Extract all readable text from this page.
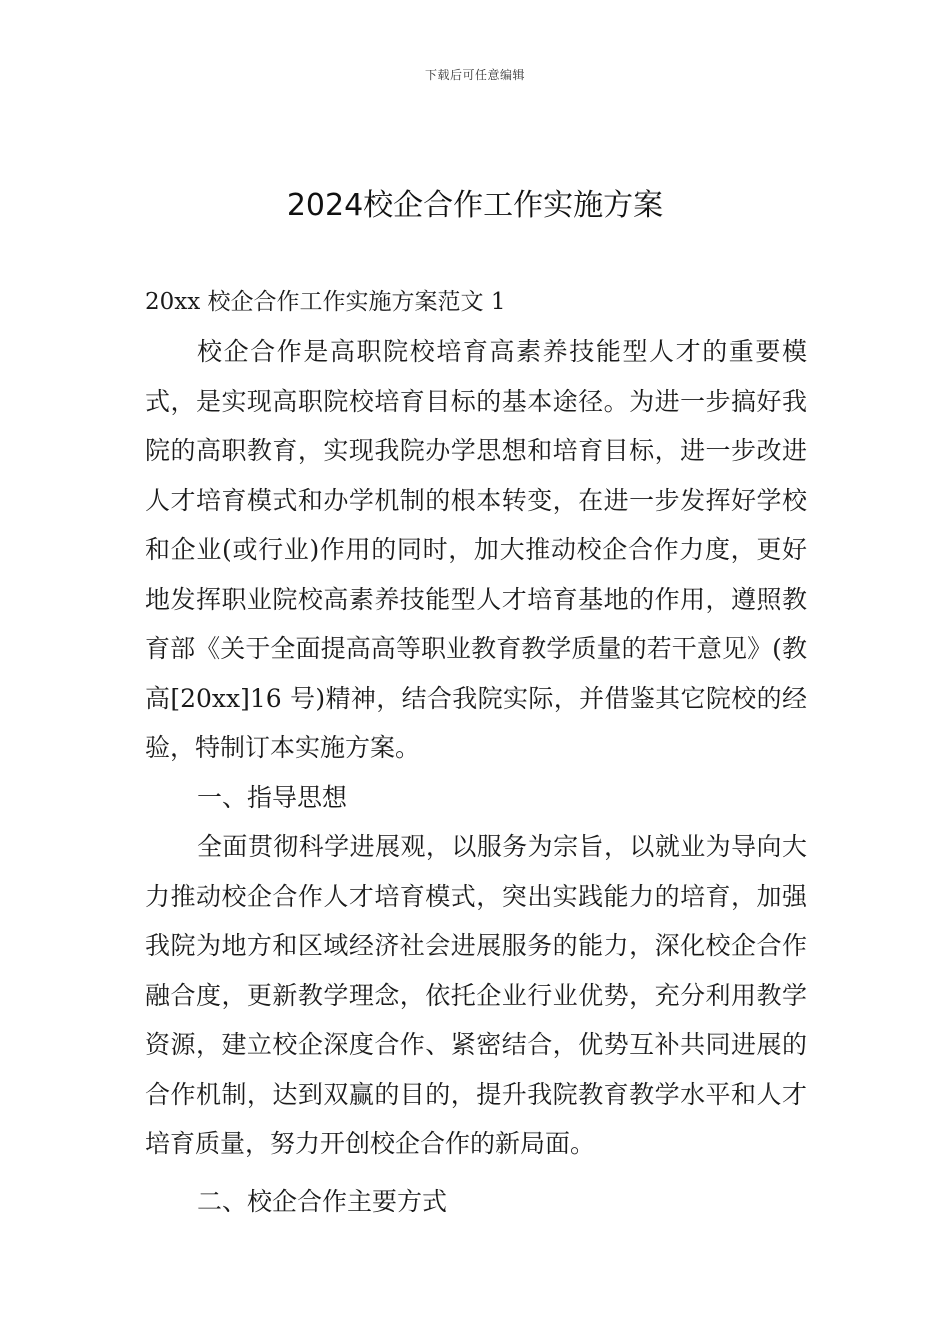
下载后可任意编辑
2024校企合作工作实施方案

20xx 校企合作工作实施方案范文 1

校企合作是高职院校培育高素养技能型人才的重要模式，是实现高职院校培育目标的基本途径。为进一步搞好我院的高职教育，实现我院办学思想和培育目标，进一步改进人才培育模式和办学机制的根本转变，在进一步发挥好学校和企业(或行业)作用的同时，加大推动校企合作力度，更好地发挥职业院校高素养技能型人才培育基地的作用，遵照教育部《关于全面提高高等职业教育教学质量的若干意见》(教高[20xx]16 号)精神，结合我院实际，并借鉴其它院校的经验，特制订本实施方案。

一、指导思想

全面贯彻科学进展观，以服务为宗旨，以就业为导向大力推动校企合作人才培育模式，突出实践能力的培育，加强我院为地方和区域经济社会进展服务的能力，深化校企合作融合度，更新教学理念，依托企业行业优势，充分利用教学资源，建立校企深度合作、紧密结合，优势互补共同进展的合作机制，达到双赢的目的，提升我院教育教学水平和人才培育质量，努力开创校企合作的新局面。

二、校企合作主要方式
